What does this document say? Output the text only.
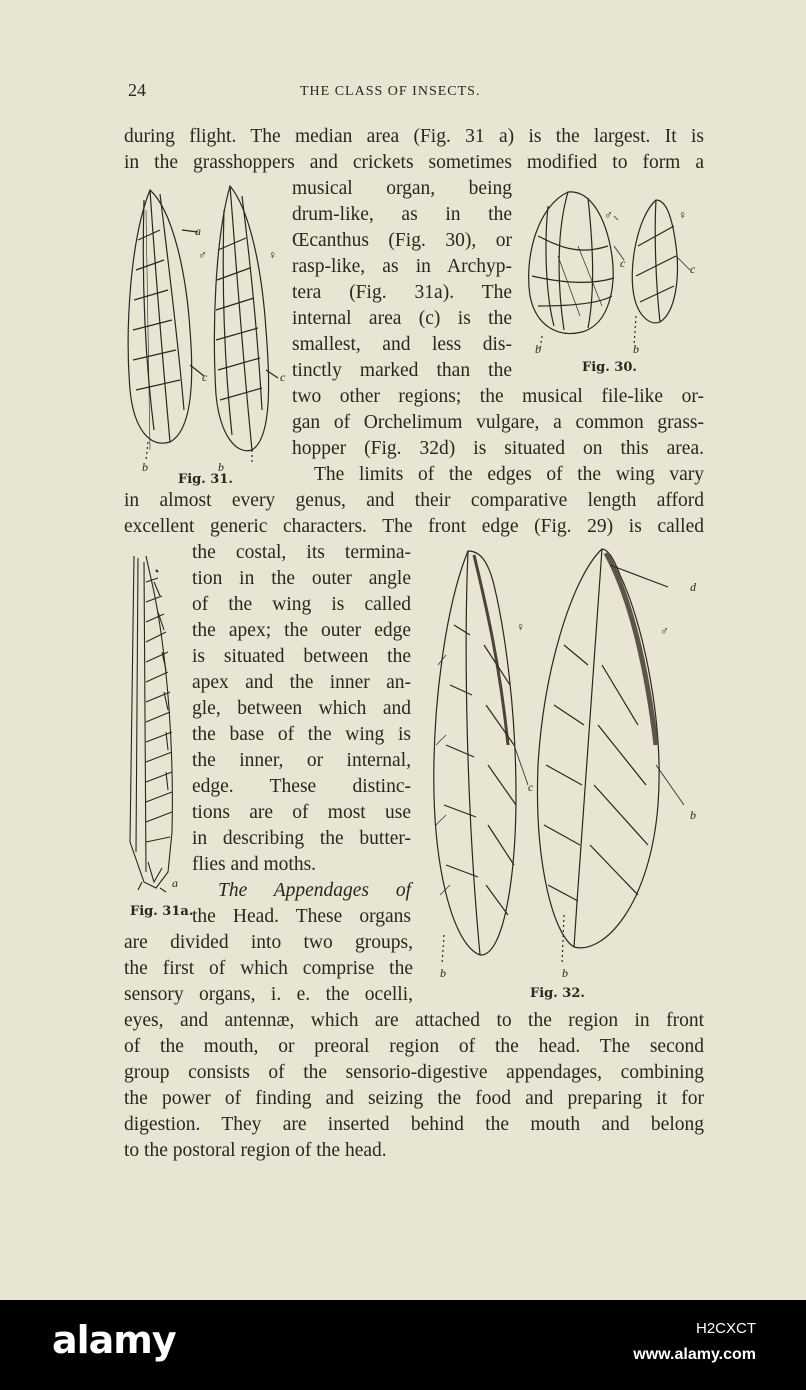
24	THE CLASS OF INSECTS.
during flight. The median area (Fig. 31 a) is the largest. It is
in the grasshoppers and crickets sometimes modified to form a
musical organ, being
drum-like, as in the
Œcanthus (Fig. 30), or
rasp-like, as in Archyp-
tera (Fig. 31a). The
internal area (c) is the
smallest, and less dis-
tinctly marked than the
two other regions; the musical file-like or-
gan of Orchelimum vulgare, a common grass-
hopper (Fig. 32d) is situated on this area.
The limits of the edges of the wing vary
in almost every genus, and their comparative length afford
excellent generic characters. The front edge (Fig. 29) is called
the costal, its termina-
tion in the outer angle
of the wing is called
the apex; the outer edge
is situated between the
apex and the inner an-
gle, between which and
the base of the wing is
the inner, or internal,
edge. These distinc-
tions are of most use
in describing the butter-
flies and moths.
The Appendages of
the Head. These organs
are divided into two groups,
the first of which comprise the
sensory organs, i. e. the ocelli,
eyes, and antennæ, which are attached to the region in front
of the mouth, or preoral region of the head. The second
group consists of the sensorio-digestive appendages, combining
the power of finding and seizing the food and preparing it for
digestion. They are inserted behind the mouth and belong
to the postoral region of the head.
a
♂	♀
c	c
b	b
Fig. 31.
♂	♀
c	c
b	b
Fig. 30.
a
Fig. 31a.
d
♀	♂
c
b
b	b
Fig. 32.
alamy	H2CXCT
www.alamy.com
